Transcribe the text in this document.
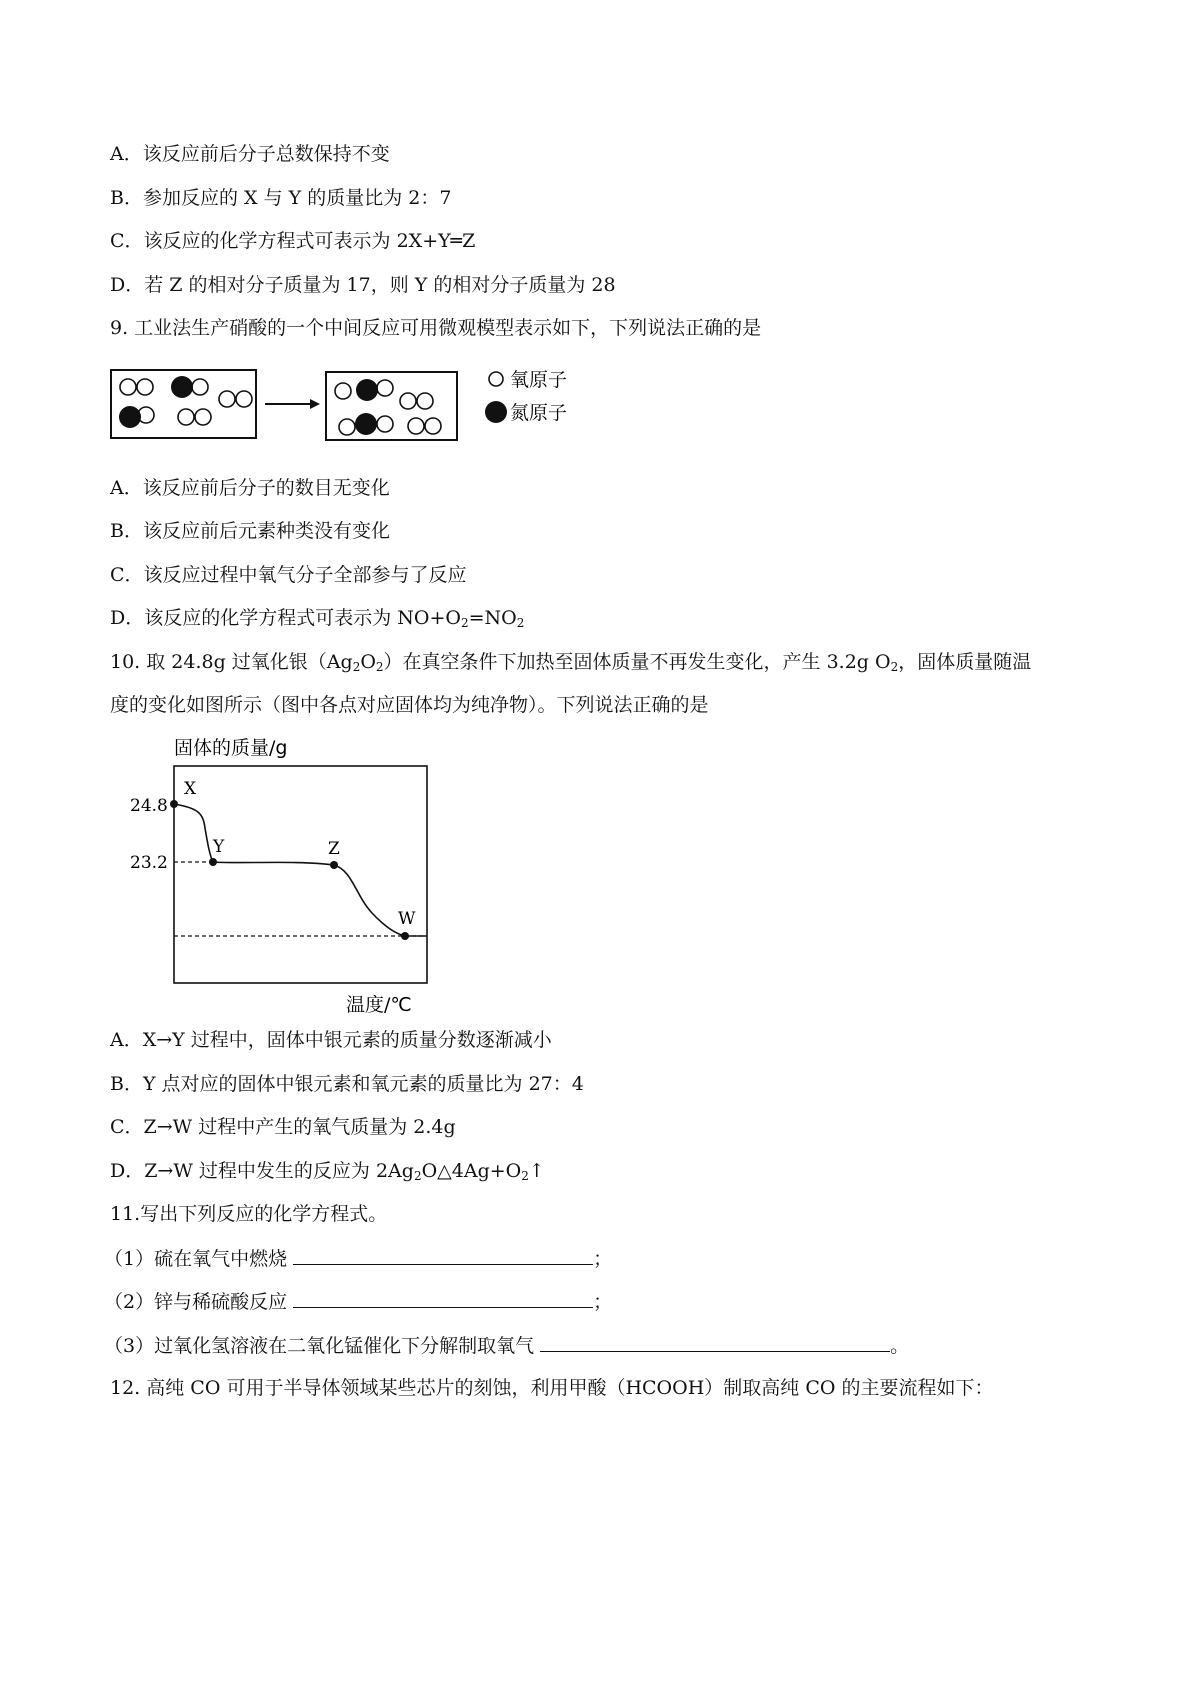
A．该反应前后分子总数保持不变
B．参加反应的 X 与 Y 的质量比为 2：7
C．该反应的化学方程式可表示为 2X+Y═Z
D．若 Z 的相对分子质量为 17，则 Y 的相对分子质量为 28
9. 工业法生产硝酸的一个中间反应可用微观模型表示如下，下列说法正确的是
氧原子
氮原子
A．该反应前后分子的数目无变化
B．该反应前后元素种类没有变化
C．该反应过程中氧气分子全部参与了反应
D．该反应的化学方程式可表示为 $NO+O_2=NO_2$
10. 取 24.8g 过氧化银$(Ag_2O_2)$在真空条件下加热至固体质量不再发生变化，产生 3.2g $O_2$，固体质量随温
度的变化如图所示（图中各点对应固体均为纯净物）。下列说法正确的是
固体的质量/g
24.8
23.2
X
Y	Z
W
温度/℃
A．X→Y 过程中，固体中银元素的质量分数逐渐减小
B．Y 点对应的固体中银元素和氧元素的质量比为 27：4
C．Z→W 过程中产生的氧气质量为 2.4g
D．Z→W 过程中发生的反应为 $2Ag_2O\triangle 4Ag+O_2↑$
11.写出下列反应的化学方程式。
（1）硫在氧气中燃烧	；
（2）锌与稀硫酸反应	；
（3）过氧化氢溶液在二氧化锰催化下分解制取氧气	。
12. 高纯 CO 可用于半导体领域某些芯片的刻蚀，利用甲酸（HCOOH）制取高纯 CO 的主要流程如下：
